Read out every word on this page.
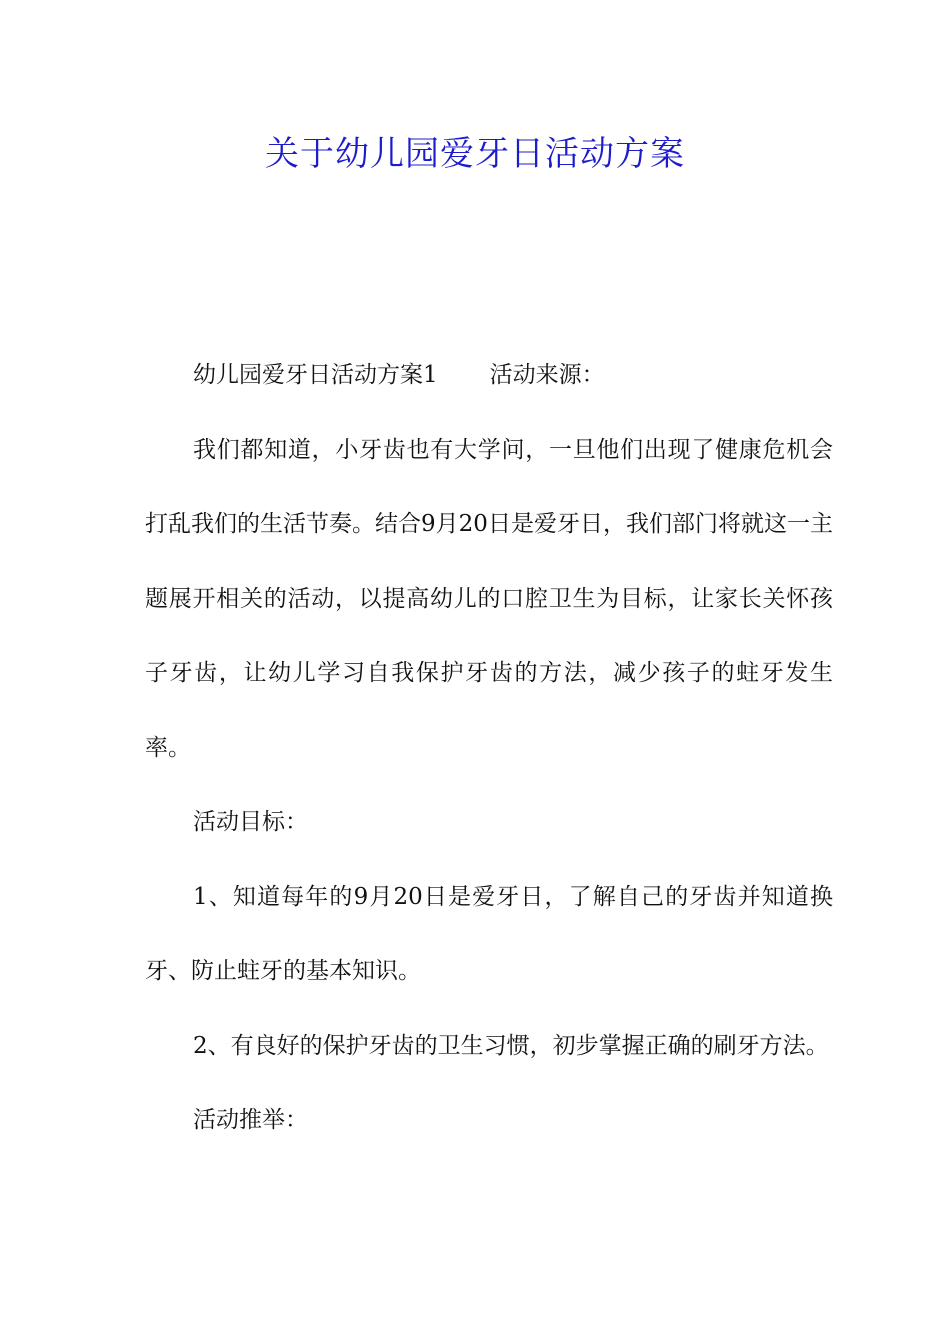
关于幼儿园爱牙日活动方案

幼儿园爱牙日活动方案1 活动来源：

我们都知道，小牙齿也有大学问，一旦他们出现了健康危机会打乱我们的生活节奏。结合9月20日是爱牙日，我们部门将就这一主题展开相关的活动，以提高幼儿的口腔卫生为目标，让家长关怀孩子牙齿，让幼儿学习自我保护牙齿的方法，减少孩子的蛀牙发生率。

活动目标：

1、知道每年的9月20日是爱牙日，了解自己的牙齿并知道换牙、防止蛀牙的基本知识。

2、有良好的保护牙齿的卫生习惯，初步掌握正确的刷牙方法。

活动推举：
